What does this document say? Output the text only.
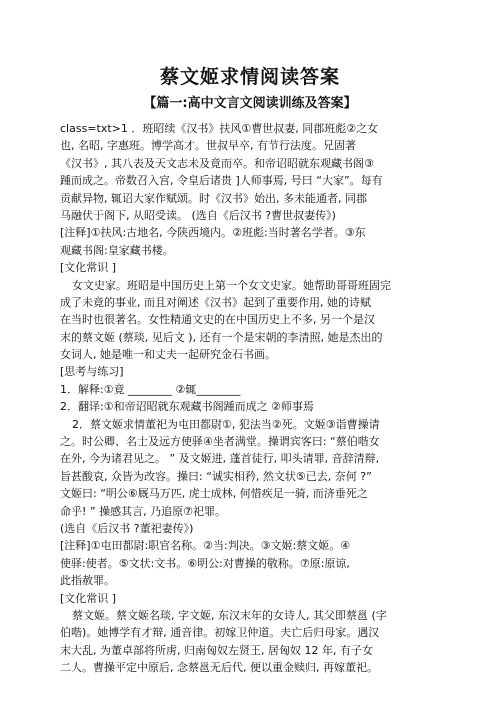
蔡文姬求情阅读答案
【篇一:高中文言文阅读训练及答案】
class=txt>1 ．班昭续《汉书》扶风①曹世叔妻, 同郡班彪②之女
也, 名昭, 字惠班。博学高才。世叔早卒, 有节行法度。兄固著
《汉书》, 其八表及天文志未及竟而卒。和帝诏昭就东观藏书阁③
踵而成之。帝数召入宫, 令皇后诸贵 ]人师事焉, 号曰 “大家”。每有
贡献异物, 辄诏大家作赋颂。时《汉书》始出, 多未能通者, 同郡
马融伏于阁下, 从昭受读。 (选自《后汉书 ?曹世叔妻传》)
[注释]①扶风:古地名, 今陕西境内。②班彪:当时著名学者。③东
观藏书阁:皇家藏书楼。
[文化常识 ]
女文史家。班昭是中国历史上第一个女文史家。她帮助哥哥班固完
成了未竟的事业, 而且对阐述《汉书》起到了重要作用, 她的诗赋
在当时也很著名。女性精通文史的在中国历史上不多, 另一个是汉
末的蔡文姬 (蔡琰, 见后文 ), 还有一个是宋朝的李清照, 她是杰出的
女词人, 她是唯一和丈夫一起研究金石书画。
[思考与练习]
1．解释:①竟 ________ ②辄________
2．翻译:①和帝诏昭就东观藏书阁踵而成之 ②师事焉
2．蔡文姬求情董祀为屯田都尉①, 犯法当②死。文姬③诣曹操请
之。时公卿、名士及远方使驿④坐者满堂。操谓宾客曰: “蔡伯喈女
在外, 今为诸君见之。 ” 及文姬进, 蓬首徒行, 叩头请罪, 音辞清辩,
旨甚酸哀, 众皆为改容。操曰: “诚实相矜, 然文状⑤已去, 奈何 ?”
文姬曰: “明公⑥厩马万匹, 虎士成林, 何惜疾足一骑, 而济垂死之
命乎! ” 操感其言, 乃追原⑦祀罪。
(选自《后汉书 ?董祀妻传》)
[注释]①屯田都尉:职官名称。②当:判决。③文姬:蔡文姬。④
使驿:使者。⑤文状:文书。⑥明公:对曹操的敬称。⑦原:原谅,
此指赦罪。
[文化常识 ]
蔡文姬。蔡文姬名琰, 字文姬, 东汉末年的女诗人, 其父即蔡邕 (字
伯喈)。她博学有才辩, 通音律。初嫁卫仲道。夫亡后归母家。遇汉
末大乱, 为董卓部将所虏, 归南匈奴左贤王, 居匈奴 12 年, 有子女
二人。曹操平定中原后, 念蔡邕无后代, 便以重金赎归, 再嫁董祀。
